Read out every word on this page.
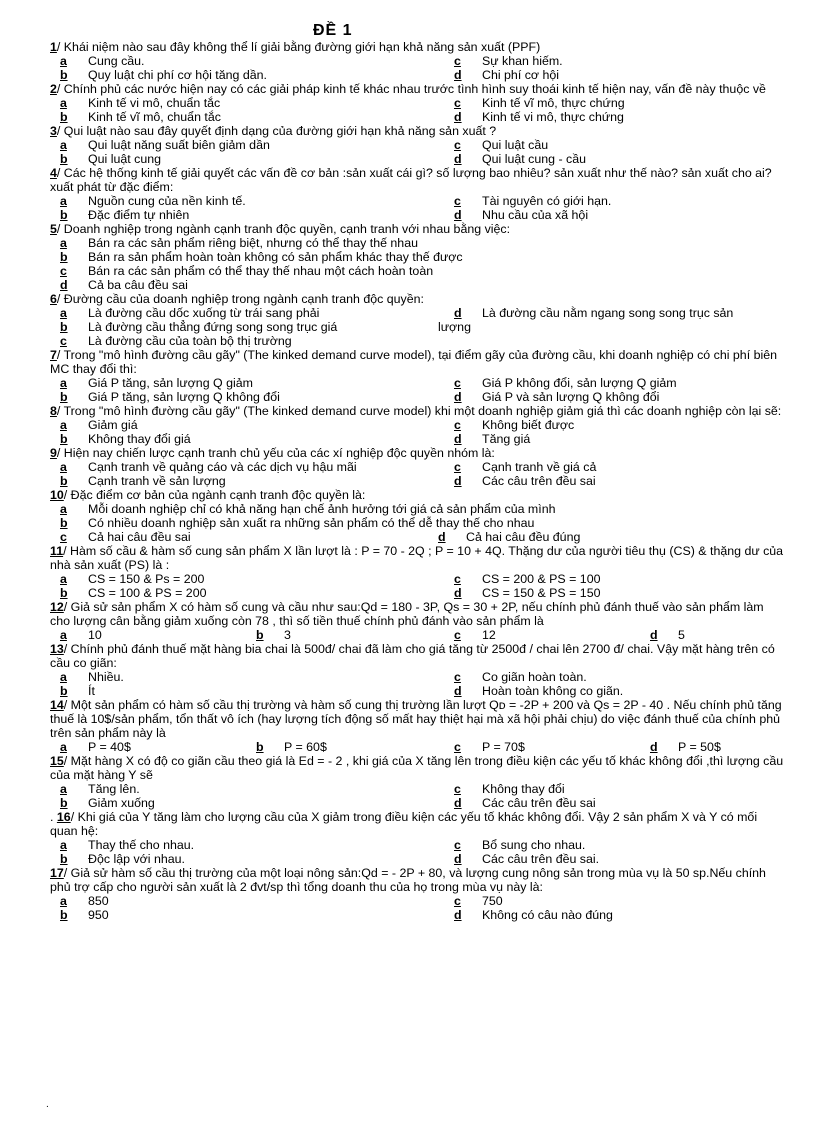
ĐỀ 1
1/ Khái niệm nào sau đây không thể lí giải bằng đường giới hạn khả năng sản xuất (PPF)
a Cung cầu.	c Sự khan hiếm.
b Quy luật chi phí cơ hội tăng dần.	d Chi phí cơ hội
2/ Chính phủ các nước hiện nay có các giải pháp kinh tế khác nhau trước tình hình suy thoái kinh tế hiện nay, vấn đề này thuộc về
a Kinh tế vi mô, chuẩn tắc	c Kinh tế vĩ mô, thực chứng
b Kinh tế vĩ mô, chuẩn tắc	d Kinh tế vi mô, thực chứng
3/ Qui luật nào sau đây quyết định dạng của đường giới hạn khả năng sản xuất ?
a Qui luật năng suất biên giảm dần	c Qui luật cầu
b Qui luật cung	d Qui luật cung - cầu
4/ Các hệ thống kinh tế giải quyết các vấn đề cơ bản :sản xuất cái gì? số lượng bao nhiêu? sản xuất như thế nào? sản xuất cho ai? xuất phát từ đặc điểm:
a Nguồn cung của nền kinh tế.	c Tài nguyên có giới hạn.
b Đặc điểm tự nhiên	d Nhu cầu của xã hội
5/ Doanh nghiệp trong ngành cạnh tranh độc quyền, cạnh tranh với nhau bằng việc:
a Bán ra các sản phẩm riêng biệt, nhưng có thể thay thế nhau
b Bán ra sản phẩm hoàn toàn không có sản phẩm khác thay thế được
c Bán ra các sản phẩm có thể thay thế nhau một cách hoàn toàn
d Cả ba câu đều sai
6/ Đường cầu của doanh nghiệp trong ngành cạnh tranh độc quyền:
a Là đường cầu dốc xuống từ trái sang phải	d Là đường cầu nằm ngang song song trục sản
b Là đường cầu thẳng đứng song song trục giá	lượng
c Là đường cầu của toàn bộ thị trường
7/ Trong "mô hình đường cầu gãy" (The kinked demand curve model), tại điểm gãy của đường cầu, khi doanh nghiệp có chi phí biên MC thay đổi thì:
a Giá P tăng, sản lượng Q giảm	c Giá P không đổi, sản lượng Q giảm
b Giá P tăng, sản lượng Q không đổi	d Giá P và sản lượng Q không đổi
8/ Trong "mô hình đường cầu gãy" (The kinked demand curve model) khi một doanh nghiệp giảm giá thì các doanh nghiệp còn lại sẽ:
a Giảm giá	c Không biết được
b Không thay đổi giá	d Tăng giá
9/ Hiện nay chiến lược cạnh tranh chủ yếu của các xí nghiệp độc quyền nhóm là:
a Cạnh tranh về quảng cáo và các dịch vụ hậu mãi	c Cạnh tranh về giá cả
b Cạnh tranh về sản lượng	d Các câu trên đều sai
10/ Đặc điểm cơ bản của ngành cạnh tranh độc quyền là:
a Mỗi doanh nghiệp chỉ có khả năng hạn chế ảnh hưởng tới giá cả sản phẩm của mình
b Có nhiều doanh nghiệp sản xuất ra những sản phẩm có thể dễ thay thế cho nhau
c Cả hai câu đều sai	d Cả hai câu đều đúng
11/ Hàm số cầu & hàm số cung sản phẩm X lần lượt là : P = 70 - 2Q ; P = 10 + 4Q. Thặng dư của người tiêu thụ (CS) & thặng dư của nhà sản xuất (PS) là :
a CS = 150 & Ps = 200	c CS = 200 & PS = 100
b CS = 100 & PS = 200	d CS = 150 & PS = 150
12/ Giả sử sản phẩm X có hàm số cung và cầu như sau:Qd = 180 - 3P, Qs = 30 + 2P, nếu chính phủ đánh thuế vào sản phẩm làm cho lượng cân bằng giảm xuống còn 78 , thì số tiền thuế chính phủ đánh vào sản phẩm là
a 10	b 3	c 12	d 5
13/ Chính phủ đánh thuế mặt hàng bia chai là 500đ/ chai đã làm cho giá tăng từ 2500đ / chai lên 2700 đ/ chai. Vậy mặt hàng trên có cầu co giãn:
a Nhiều.	c Co giãn hoàn toàn.
b Ít	d Hoàn toàn không co giãn.
14/ Một sản phẩm có hàm số cầu thị trường và hàm số cung thị trường lần lượt Qᴅ = -2P + 200 và Qs = 2P - 40 . Nếu chính phủ tăng thuế là 10$/sản phẩm, tổn thất vô ích (hay lượng tích động số mất hay thiệt hại mà xã hội phải chịu) do việc đánh thuế của chính phủ trên sản phẩm này là
a P = 40$	b P = 60$	c P = 70$	d P = 50$
15/ Mặt hàng X có độ co giãn cầu theo giá là Ed = - 2 , khi giá của X tăng lên trong điều kiện các yếu tố khác không đổi ,thì lượng cầu của mặt hàng Y sẽ
a Tăng lên.	c Không thay đổi
b Giảm xuống	d Các câu trên đều sai
. 16/ Khi giá của Y tăng làm cho lượng cầu của X giảm trong điều kiện các yếu tố khác không đổi. Vậy 2 sản phẩm X và Y có mối quan hệ:
a Thay thế cho nhau.	c Bổ sung cho nhau.
b Độc lập với nhau.	d Các câu trên đều sai.
17/ Giả sử hàm số cầu thị trường của một loại nông sản:Qd = - 2P + 80, và lượng cung nông sản trong mùa vụ là 50 sp.Nếu chính phủ trợ cấp cho người sản xuất là 2 đvt/sp thì tổng doanh thu của họ trong mùa vụ này là:
a 850	c 750
b 950	d Không có câu nào đúng
.
